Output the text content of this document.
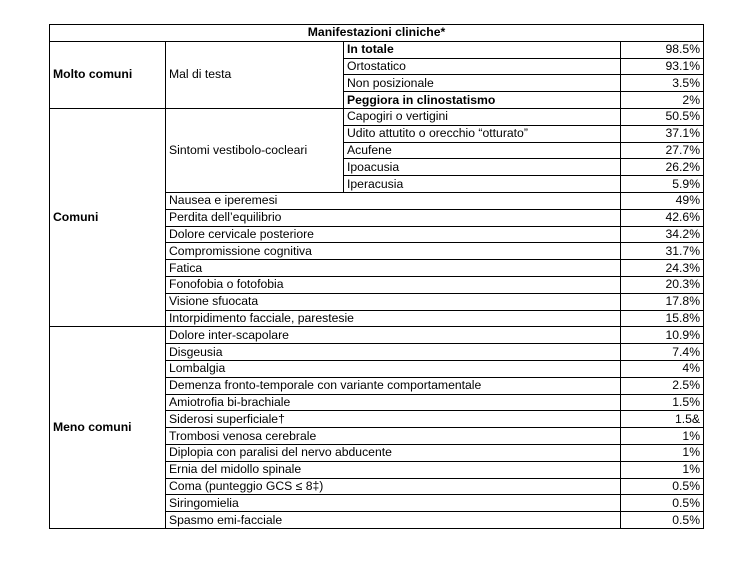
Manifestazioni cliniche*			
Molto comuni	Mal di testa	In totale	98.5%
		Ortostatico	93.1%
		Non posizionale	3.5%
		Peggiora in clinostatismo	2%
Comuni	Sintomi vestibolo-cocleari	Capogiri o vertigini	50.5%
		Udito attutito o orecchio “otturato”	37.1%
		Acufene	27.7%
		Ipoacusia	26.2%
		Iperacusia	5.9%
	Nausea e iperemesi		49%
	Perdita dell’equilibrio		42.6%
	Dolore cervicale posteriore		34.2%
	Compromissione cognitiva		31.7%
	Fatica		24.3%
	Fonofobia o fotofobia		20.3%
	Visione sfuocata		17.8%
	Intorpidimento facciale, parestesie		15.8%
Meno comuni	Dolore inter-scapolare		10.9%
	Disgeusia		7.4%
	Lombalgia		4%
	Demenza fronto-temporale con variante comportamentale		2.5%
	Amiotrofia bi-brachiale		1.5%
	Siderosi superficiale†		1.5&
	Trombosi venosa cerebrale		1%
	Diplopia con paralisi del nervo abducente		1%
	Ernia del midollo spinale		1%
	Coma (punteggio GCS ≤ 8‡)		0.5%
	Siringomielia		0.5%
	Spasmo emi-facciale		0.5%
